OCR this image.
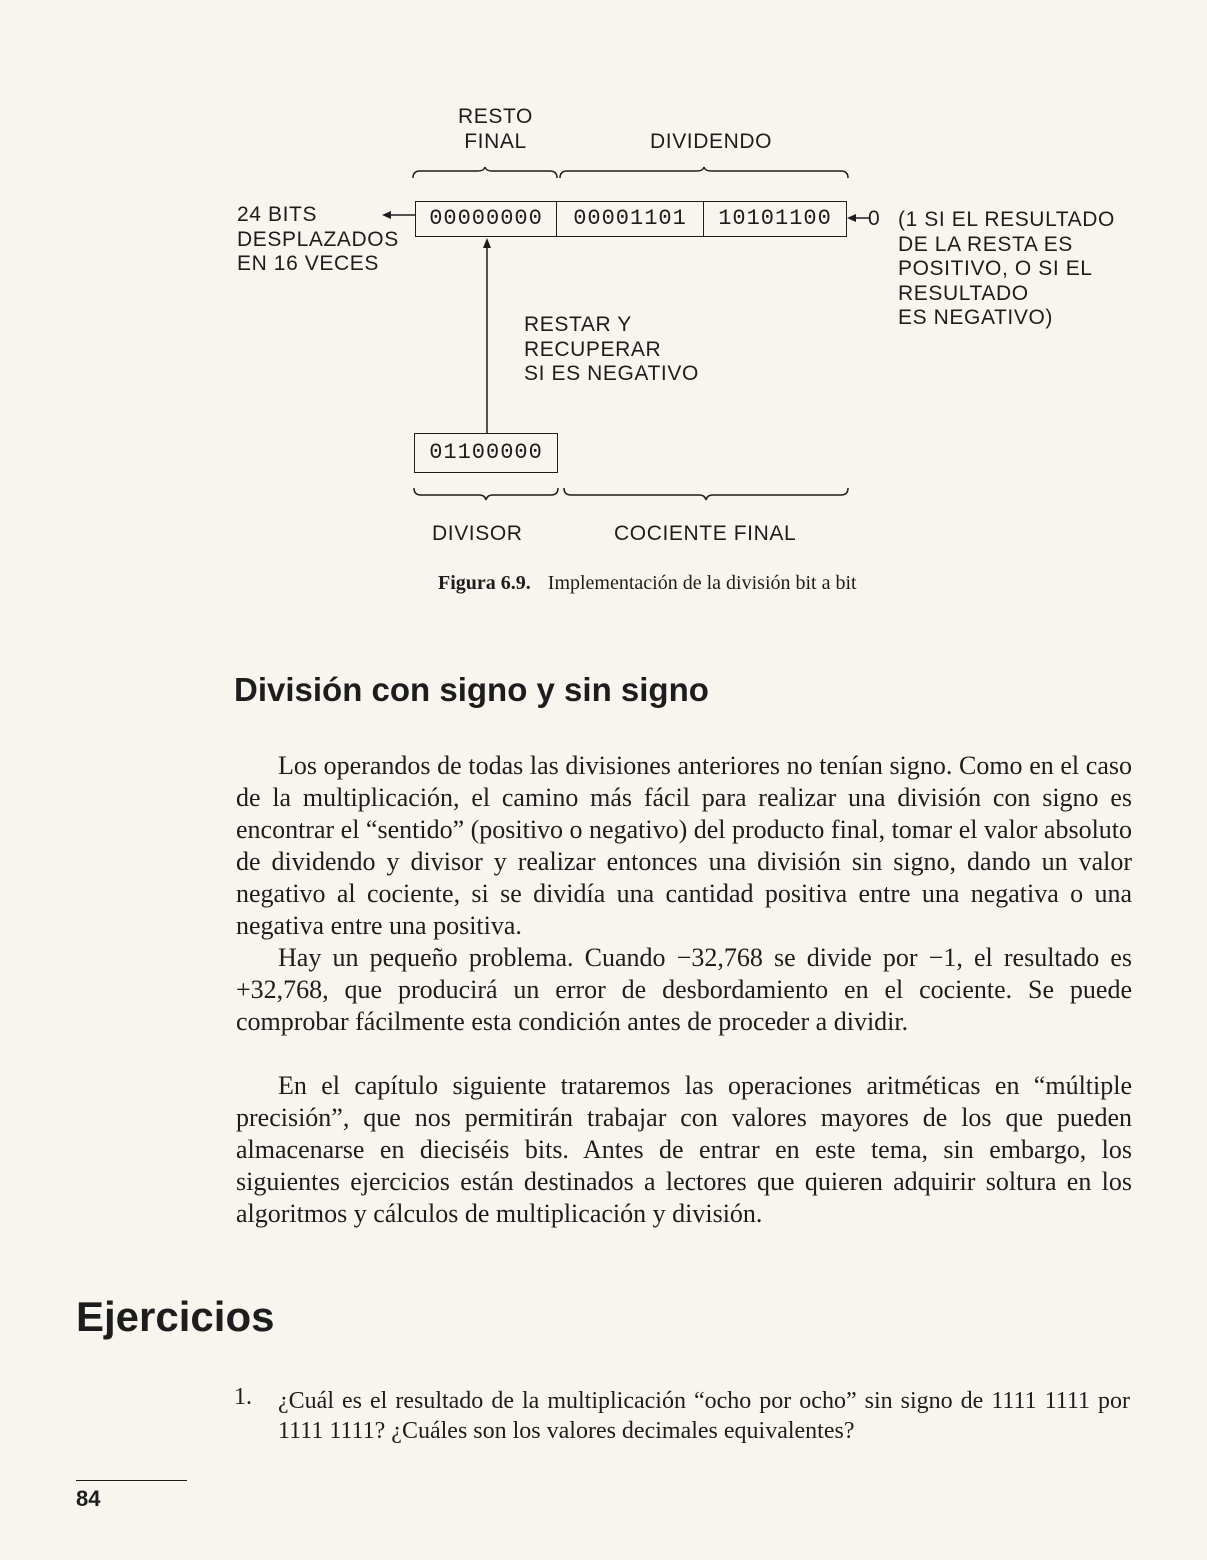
RESTO
FINAL	DIVIDENDO
24 BITS
DESPLAZADOS
EN 16 VECES
00000000	00001101	10101100	0 (1 SI EL RESULTADO
DE LA RESTA ES
POSITIVO, O SI EL
RESULTADO
ES NEGATIVO)
RESTAR Y
RECUPERAR
SI ES NEGATIVO
01100000
DIVISOR	COCIENTE FINAL
Figura 6.9. Implementación de la división bit a bit
División con signo y sin signo

Los operandos de todas las divisiones anteriores no tenían signo. Como en el caso de la multiplicación, el camino más fácil para realizar una división con signo es encontrar el “sentido” (positivo o negativo) del producto final, tomar el valor absoluto de dividendo y divisor y realizar entonces una división sin signo, dando un valor negativo al cociente, si se dividía una cantidad positiva entre una negativa o una negativa entre una positiva.

Hay un pequeño problema. Cuando −32,768 se divide por −1, el resultado es +32,768, que producirá un error de desbordamiento en el cociente. Se puede comprobar fácilmente esta condición antes de proceder a dividir.

En el capítulo siguiente trataremos las operaciones aritméticas en “múltiple precisión”, que nos permitirán trabajar con valores mayores de los que pueden almacenarse en dieciséis bits. Antes de entrar en este tema, sin embargo, los siguientes ejercicios están destinados a lectores que quieren adquirir soltura en los algoritmos y cálculos de multiplicación y división.

Ejercicios
1. ¿Cuál es el resultado de la multiplicación “ocho por ocho” sin signo de 1111 1111 por 1111 1111? ¿Cuáles son los valores decimales equivalentes?

84
